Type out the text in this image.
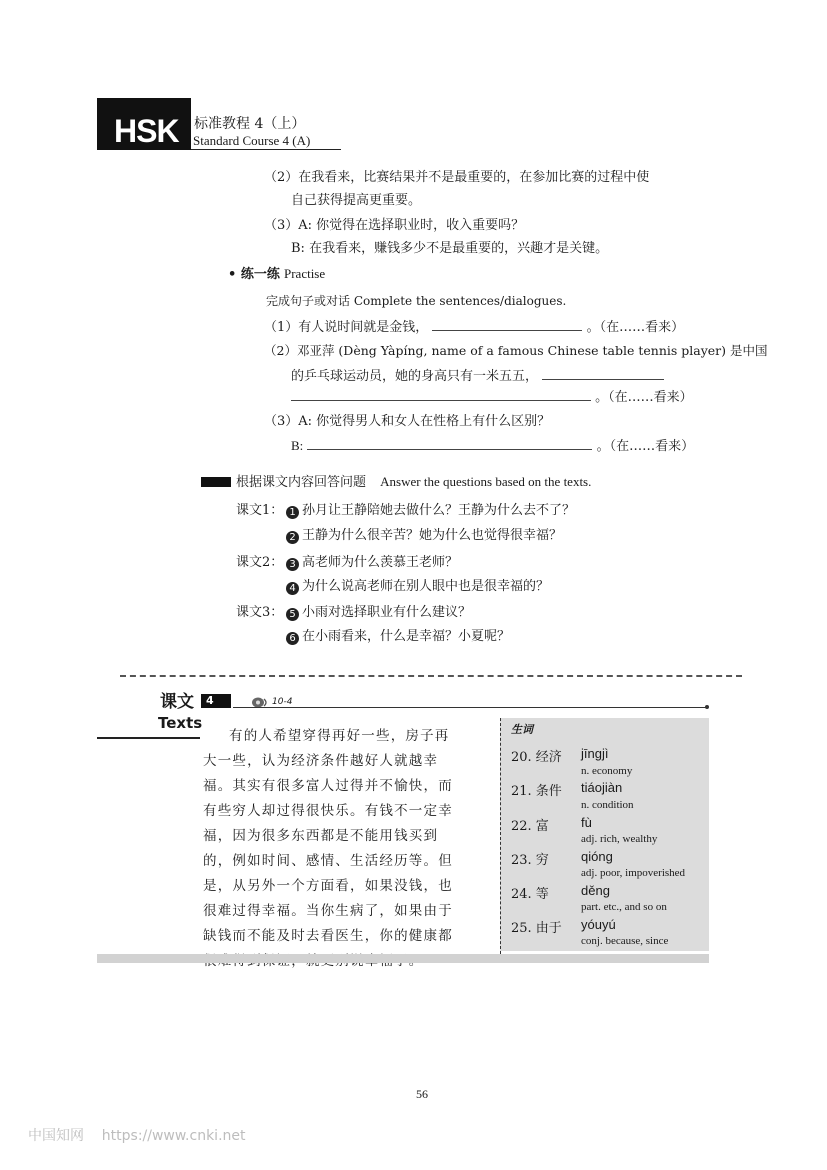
HSK 标准教程 4（上）
Standard Course 4 (A)
（2）在我看来，比赛结果并不是最重要的，在参加比赛的过程中使
自己获得提高更重要。
（3）A: 你觉得在选择职业时，收入重要吗？
B: 在我看来，赚钱多少不是最重要的，兴趣才是关键。
• 练一练 Practise
完成句子或对话 Complete the sentences/dialogues.
（1）有人说时间就是金钱，	。（在……看来）
（2）邓亚萍 (Dèng Yàpíng, name of a famous Chinese table tennis player) 是中国
的乒乓球运动员，她的身高只有一米五五，
。（在……看来）
（3）A: 你觉得男人和女人在性格上有什么区别？
B:	。（在……看来）
根据课文内容回答问题 Answer the questions based on the texts.
课文1： 1 孙月让王静陪她去做什么？王静为什么去不了？
2 王静为什么很辛苦？她为什么也觉得很幸福？
课文2： 3 高老师为什么羡慕王老师？
4 为什么说高老师在别人眼中也是很幸福的？
课文3： 5 小雨对选择职业有什么建议？
6 在小雨看来，什么是幸福？小夏呢？
课文
Texts
4	10-4
有的人希望穿得再好一些，房子再
大一些，认为经济条件越好人就越幸
福。其实有很多富人过得并不愉快，而
有些穷人却过得很快乐。有钱不一定幸
福，因为很多东西都是不能用钱买到
的，例如时间、感情、生活经历等。但
是，从另外一个方面看，如果没钱，也
很难过得幸福。当你生病了，如果由于
缺钱而不能及时去看医生，你的健康都
生词
20. 经济 jīngjì
n. economy
21. 条件 tiáojiàn
n. condition
22. 富 fù
adj. rich, wealthy
23. 穷 qióng
adj. poor, impoverished
24. 等 děng
part. etc., and so on
25. 由于 yóuyú
conj. because, since
56
中国知网    https://www.cnki.net
